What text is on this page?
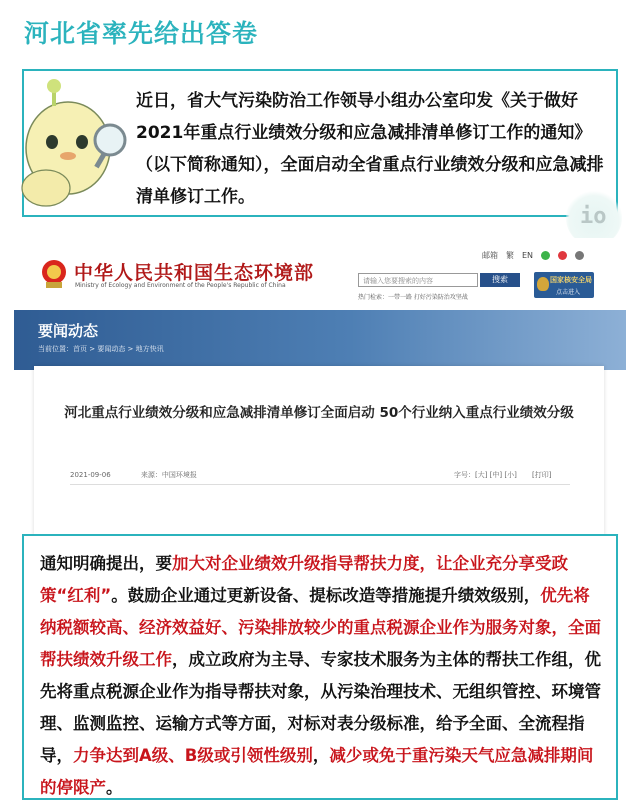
河北省率先给出答卷
近日，省大气污染防治工作领导小组办公室印发《关于做好2021年重点行业绩效分级和应急减排清单修订工作的通知》（以下简称通知），全面启动全省重点行业绩效分级和应急减排清单修订工作。
io
中华人民共和国生态环境部
Ministry of Ecology and Environment of the People's Republic of China
邮箱 繁 EN
请输入您要搜索的内容	搜索
热门检索：一带一路 打好污染防治攻坚战
国家核安全局
点击进入
要闻动态
当前位置：首页 > 要闻动态 > 地方快讯
河北重点行业绩效分级和应急减排清单修订全面启动 50个行业纳入重点行业绩效分级
2021-09-06	来源：中国环境报	字号：[大] [中] [小] [打印]
通知明确提出，要加大对企业绩效升级指导帮扶力度，让企业充分享受政策“红利”。鼓励企业通过更新设备、提标改造等措施提升绩效级别，优先将纳税额较高、经济效益好、污染排放较少的重点税源企业作为服务对象，全面帮扶绩效升级工作，成立政府为主导、专家技术服务为主体的帮扶工作组，优先将重点税源企业作为指导帮扶对象，从污染治理技术、无组织管控、环境管理、监测监控、运输方式等方面，对标对表分级标准，给予全面、全流程指导，力争达到A级、B级或引领性级别，减少或免于重污染天气应急减排期间的停限产。
